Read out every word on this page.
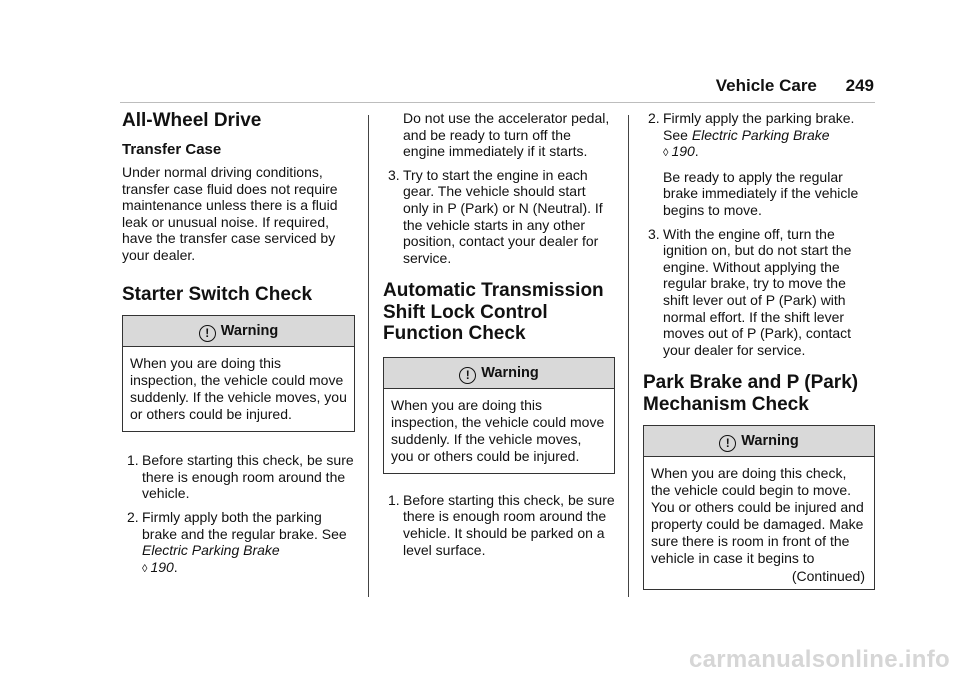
Vehicle Care 249
All-Wheel Drive
Transfer Case

Under normal driving conditions, transfer case fluid does not require maintenance unless there is a fluid leak or unusual noise. If required, have the transfer case serviced by your dealer.

Starter Switch Check
! Warning
When you are doing this inspection, the vehicle could move suddenly. If the vehicle moves, you or others could be injured.
1. Before starting this check, be sure there is enough room around the vehicle.
2. Firmly apply both the parking brake and the regular brake. See Electric Parking Brake
◊ 190.

Do not use the accelerator pedal, and be ready to turn off the engine immediately if it starts.

3. Try to start the engine in each gear. The vehicle should start only in P (Park) or N (Neutral). If the vehicle starts in any other position, contact your dealer for service.
Automatic Transmission Shift Lock Control Function Check
! Warning
When you are doing this inspection, the vehicle could move suddenly. If the vehicle moves, you or others could be injured.
1. Before starting this check, be sure there is enough room around the vehicle. It should be parked on a level surface.
2. Firmly apply the parking brake. See Electric Parking Brake
◊ 190.

Be ready to apply the regular brake immediately if the vehicle begins to move.

3. With the engine off, turn the ignition on, but do not start the engine. Without applying the regular brake, try to move the shift lever out of P (Park) with normal effort. If the shift lever moves out of P (Park), contact your dealer for service.
Park Brake and P (Park) Mechanism Check
! Warning
When you are doing this check, the vehicle could begin to move. You or others could be injured and property could be damaged. Make sure there is room in front of the vehicle in case it begins to
(Continued)
carmanualsonline.info
